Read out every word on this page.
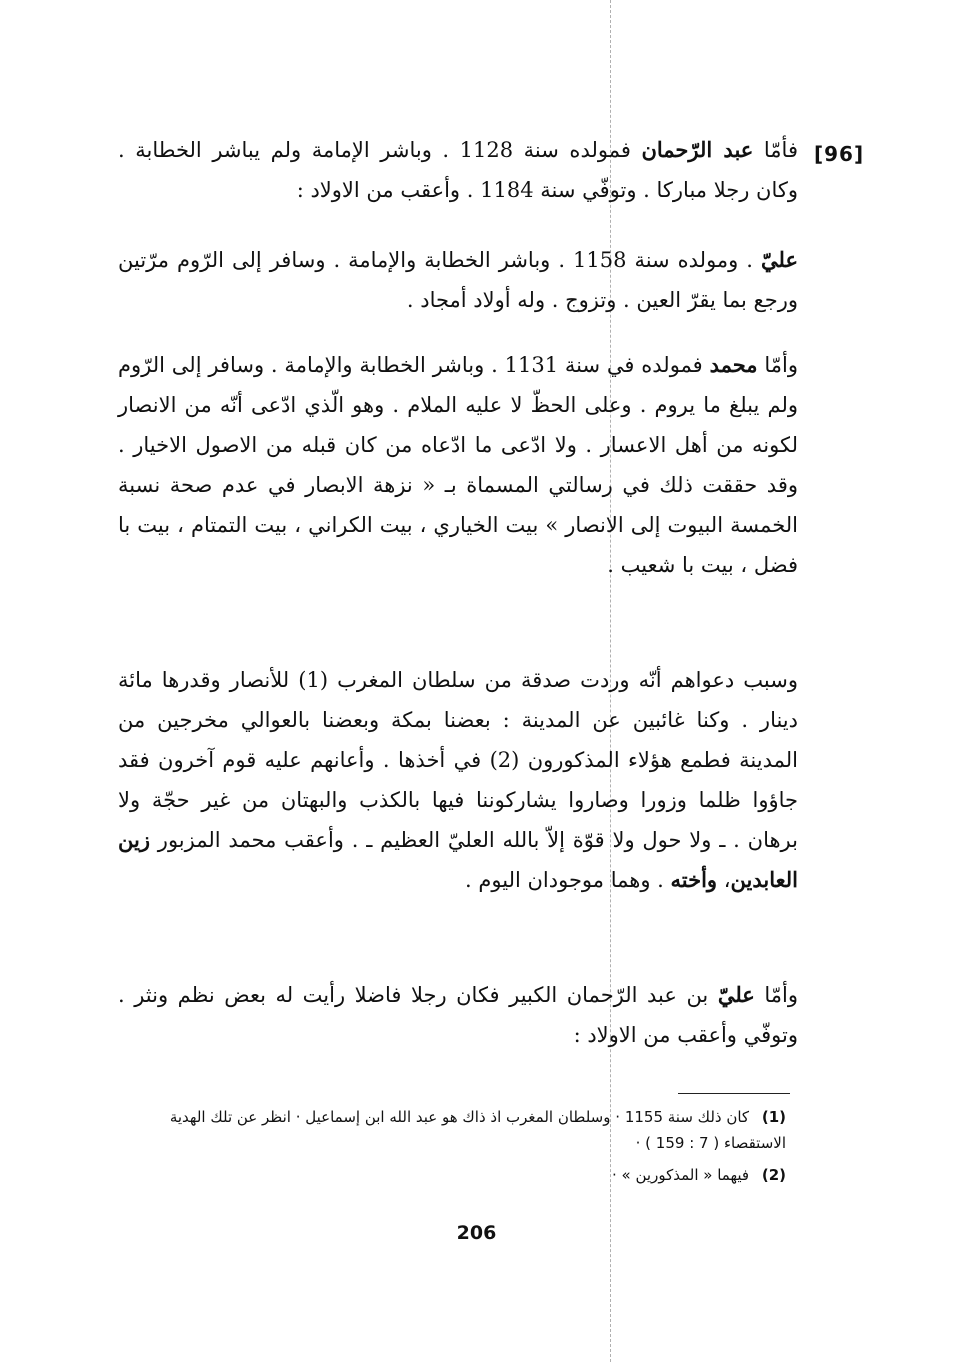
[96]

فأمّا عبد الرّحمان فمولده سنة 1128 . وباشر الإمامة ولم يباشر الخطابة . وكان رجلا مباركا . وتوفّي سنة 1184 . وأعقب من الاولاد :

عليّ . ومولده سنة 1158 . وباشر الخطابة والإمامة . وسافر إلى الرّوم مرّتين ورجع بما يقرّ العين . وتزوج . وله أولاد أمجاد .

وأمّا محمد فمولده في سنة 1131 . وباشر الخطابة والإمامة . وسافر إلى الرّوم ولم يبلغ ما يروم . وعلى الحظّ لا عليه الملام . وهو الّذي ادّعى أنّه من الانصار لكونه من أهل الاعسار . ولا ادّعى ما ادّعاه من كان قبله من الاصول الاخيار . وقد حققت ذلك في رسالتي المسماة بـ « نزهة الابصار في عدم صحة نسبة الخمسة البيوت إلى الانصار » بيت الخياري ، بيت الكراني ، بيت التمتام ، بيت با فضل ، بيت با شعيب .

وسبب دعواهم أنّه وردت صدقة من سلطان المغرب (1) للأنصار وقدرها مائة دينار . وكنا غائبين عن المدينة : بعضنا بمكة وبعضنا بالعوالي مخرجين من المدينة فطمع هؤلاء المذكورون (2) في أخذها . وأعانهم عليه قوم آخرون فقد جاؤوا ظلما وزورا وصاروا يشاركوننا فيها بالكذب والبهتان من غير حجّة ولا برهان . ـ ولا حول ولا قوّة إلاّ بالله العليّ العظيم ـ . وأعقب محمد المزبور زين العابدين، وأخته . وهما موجودان اليوم .

وأمّا عليّ بن عبد الرّحمان الكبير فكان رجلا فاضلا رأيت له بعض نظم ونثر . وتوفّي وأعقب من الاولاد :

(1) كان ذلك سنة 1155 · وسلطان المغرب اذ ذاك هو عبد الله ابن إسماعيل · انظر عن تلك الهدية الاستقصاء ( 7 : 159 ) ·

(2) فيهما « المذكورين » ·

206
